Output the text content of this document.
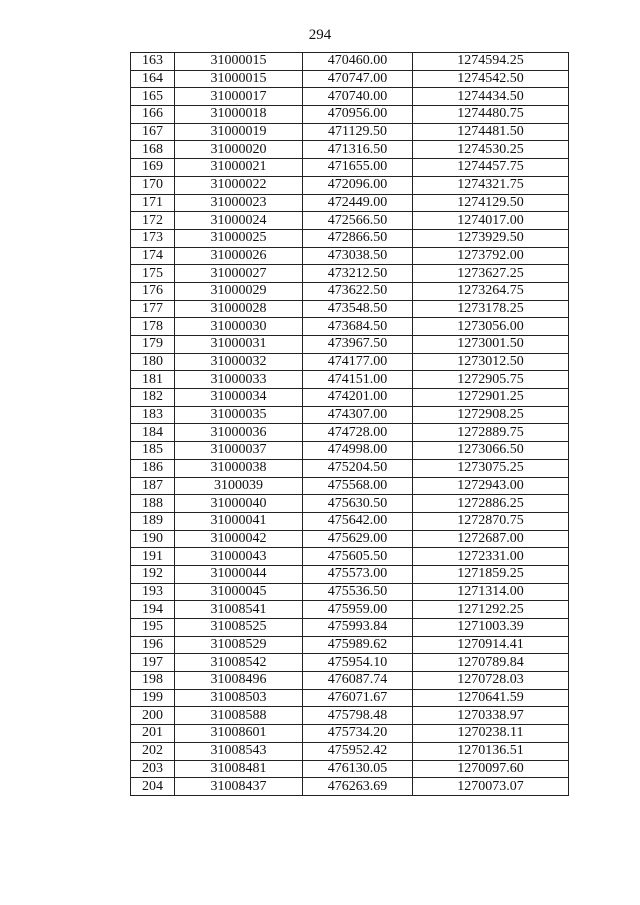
294
163	31000015	470460.00	1274594.25
164	31000015	470747.00	1274542.50
165	31000017	470740.00	1274434.50
166	31000018	470956.00	1274480.75
167	31000019	471129.50	1274481.50
168	31000020	471316.50	1274530.25
169	31000021	471655.00	1274457.75
170	31000022	472096.00	1274321.75
171	31000023	472449.00	1274129.50
172	31000024	472566.50	1274017.00
173	31000025	472866.50	1273929.50
174	31000026	473038.50	1273792.00
175	31000027	473212.50	1273627.25
176	31000029	473622.50	1273264.75
177	31000028	473548.50	1273178.25
178	31000030	473684.50	1273056.00
179	31000031	473967.50	1273001.50
180	31000032	474177.00	1273012.50
181	31000033	474151.00	1272905.75
182	31000034	474201.00	1272901.25
183	31000035	474307.00	1272908.25
184	31000036	474728.00	1272889.75
185	31000037	474998.00	1273066.50
186	31000038	475204.50	1273075.25
187	3100039	475568.00	1272943.00
188	31000040	475630.50	1272886.25
189	31000041	475642.00	1272870.75
190	31000042	475629.00	1272687.00
191	31000043	475605.50	1272331.00
192	31000044	475573.00	1271859.25
193	31000045	475536.50	1271314.00
194	31008541	475959.00	1271292.25
195	31008525	475993.84	1271003.39
196	31008529	475989.62	1270914.41
197	31008542	475954.10	1270789.84
198	31008496	476087.74	1270728.03
199	31008503	476071.67	1270641.59
200	31008588	475798.48	1270338.97
201	31008601	475734.20	1270238.11
202	31008543	475952.42	1270136.51
203	31008481	476130.05	1270097.60
204	31008437	476263.69	1270073.07
